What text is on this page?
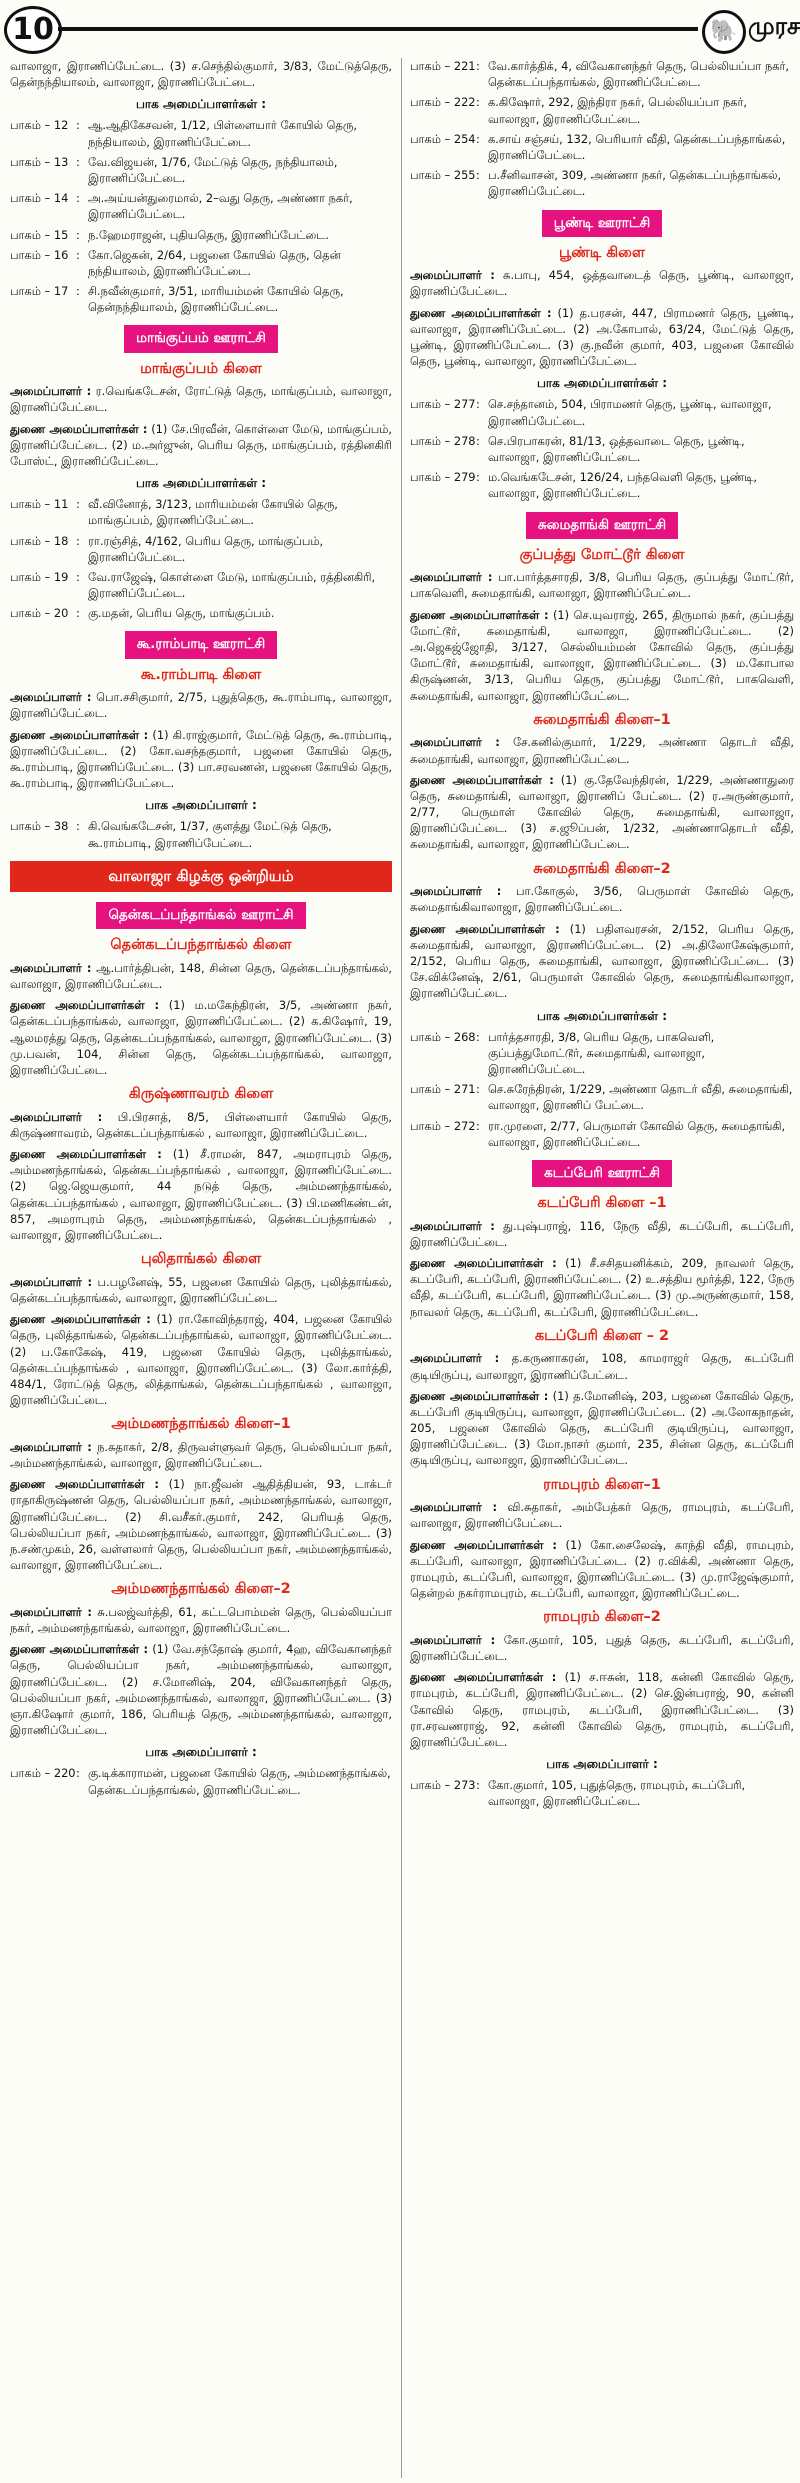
10	🐘 முரச

வாலாஜா, இராணிப்பேட்டை. (3) ச.செந்தில்குமார், 3/83, மேட்டுத்தெரு, தென்நந்தியாலம், வாலாஜா, இராணிப்பேட்டை.

பாக அமைப்பாளர்கள் :
பாகம் – 12 : ஆ.ஆதிகேசவன், 1/12, பிள்ளையார் கோயில் தெரு, நந்தியாலம், இராணிப்பேட்டை.
பாகம் – 13 : வே.விஜயன், 1/76, மேட்டுத் தெரு, நந்தியாலம், இராணிப்பேட்டை.
பாகம் – 14 : அ.அய்யன்துரைமால், 2–வது தெரு, அண்ணா நகர், இராணிப்பேட்டை.
பாகம் – 15 : ந.ஹேமராஜன், புதியதெரு, இராணிப்பேட்டை.
பாகம் – 16 : கோ.ஜெகன், 2/64, பஜனை கோயில் தெரு, தென் நந்தியாலம், இராணிப்பேட்டை.
பாகம் – 17 : சி.நவீன்குமார், 3/51, மாரியம்மன் கோயில் தெரு, தென்நந்தியாலம், இராணிப்பேட்டை.
மாங்குப்பம் ஊராட்சி
மாங்குப்பம் கிளை

அமைப்பாளர் : ர.வெங்கடேசன், ரோட்டுத் தெரு, மாங்குப்பம், வாலாஜா, இராணிப்பேட்டை.

துணை அமைப்பாளர்கள் : (1) சே.பிரவீன், கொள்ளை மேடு, மாங்குப்பம், இராணிப்பேட்டை. (2) ம.அர்ஜுன், பெரிய தெரு, மாங்குப்பம், ரத்தினகிரி போஸ்ட், இராணிப்பேட்டை.

பாக அமைப்பாளர்கள் :
பாகம் – 11 : வீ.வினோத், 3/123, மாரியம்மன் கோயில் தெரு, மாங்குப்பம், இராணிப்பேட்டை.
பாகம் – 18 : ரா.ரஞ்சித், 4/162, பெரிய தெரு, மாங்குப்பம், இராணிப்பேட்டை.
பாகம் – 19 : வே.ராஜேஷ், கொள்ளை மேடு, மாங்குப்பம், ரத்தினகிரி, இராணிப்பேட்டை.
பாகம் – 20 : கு.மதன், பெரிய தெரு, மாங்குப்பம்.
கூ.ராம்பாடி ஊராட்சி
கூ.ராம்பாடி கிளை

அமைப்பாளர் : பொ.சசிகுமார், 2/75, புதுத்தெரு, கூ.ராம்பாடி, வாலாஜா, இராணிப்பேட்டை.

துணை அமைப்பாளர்கள் : (1) கி.ராஜ்குமார், மேட்டுத் தெரு, கூ.ராம்பாடி, இராணிப்பேட்டை. (2) கோ.வசந்தகுமார், பஜனை கோயில் தெரு, கூ.ராம்பாடி, இராணிப்பேட்டை. (3) பா.சரவணன், பஜனை கோயில் தெரு, கூ.ராம்பாடி, இராணிப்பேட்டை.

பாக அமைப்பாளர் :
பாகம் – 38 : கி.வெங்கடேசன், 1/37, குளத்து மேட்டுத் தெரு, கூ.ராம்பாடி, இராணிப்பேட்டை.
வாலாஜா கிழக்கு ஒன்றியம்
தென்கடப்பந்தாங்கல் ஊராட்சி
தென்கடப்பந்தாங்கல் கிளை

அமைப்பாளர் : ஆ.பார்த்திபன், 148, சின்ன தெரு, தென்கடப்பந்தாங்கல், வாலாஜா, இராணிப்பேட்டை.

துணை அமைப்பாளர்கள் : (1) ம.மகேந்திரன், 3/5, அண்ணா நகர், தென்கடப்பந்தாங்கல், வாலாஜா, இராணிப்பேட்டை. (2) க.கிஷோர், 19, ஆலமரத்து தெரு, தென்கடப்பந்தாங்கல், வாலாஜா, இராணிப்பேட்டை. (3) மு.பவன், 104, சின்ன தெரு, தென்கடப்பந்தாங்கல், வாலாஜா, இராணிப்பேட்டை.

கிருஷ்ணாவரம் கிளை

அமைப்பாளர் : பி.பிரசாத், 8/5, பிள்ளையார் கோயில் தெரு, கிருஷ்ணாவரம், தென்கடப்பந்தாங்கல் , வாலாஜா, இராணிப்பேட்டை.

துணை அமைப்பாளர்கள் : (1) சீ.ராமன், 847, அமராபுரம் தெரு, அம்மணந்தாங்கல், தென்கடப்பந்தாங்கல் , வாலாஜா, இராணிப்பேட்டை. (2) ஜெ.ஜெயகுமார், 44 நடுத் தெரு, அம்மணந்தாங்கல், தென்கடப்பந்தாங்கல் , வாலாஜா, இராணிப்பேட்டை. (3) பி.மணிகண்டன், 857, அமராபுரம் தெரு, அம்மணந்தாங்கல், தென்கடப்பந்தாங்கல் , வாலாஜா, இராணிப்பேட்டை.

புலிதாங்கல் கிளை

அமைப்பாளர் : ப.பழனேஷ், 55, பஜனை கோயில் தெரு, புலித்தாங்கல், தென்கடப்பந்தாங்கல், வாலாஜா, இராணிப்பேட்டை.

துணை அமைப்பாளர்கள் : (1) ரா.கோவிந்தராஜ், 404, பஜனை கோயில் தெரு, புலித்தாங்கல், தென்கடப்பந்தாங்கல், வாலாஜா, இராணிப்பேட்டை. (2) ப.கோகேஷ், 419, பஜனை கோயில் தெரு, புலித்தாங்கல், தென்கடப்பந்தாங்கல் , வாலாஜா, இராணிப்பேட்டை. (3) லோ.கார்த்தி, 484/1, ரோட்டுத் தெரு, லித்தாங்கல், தென்கடப்பந்தாங்கல் , வாலாஜா, இராணிப்பேட்டை.

அம்மணந்தாங்கல் கிளை–1

அமைப்பாளர் : ந.சுதாகர், 2/8, திருவள்ளுவர் தெரு, பெல்லியப்பா நகர், அம்மணந்தாங்கல், வாலாஜா, இராணிப்பேட்டை.

துணை அமைப்பாளர்கள் : (1) நா.ஜீவன் ஆதித்தியன், 93, டாக்டர் ராதாகிருஷ்ணன் தெரு, பெல்லியப்பா நகர், அம்மணந்தாங்கல், வாலாஜா, இராணிப்பேட்டை. (2) சி.வசீகர்.குமார், 242, பெரியத் தெரு, பெல்லியப்பா நகர், அம்மணந்தாங்கல், வாலாஜா, இராணிப்பேட்டை. (3) ந.சண்முகம், 26, வள்ளலார் தெரு, பெல்லியப்பா நகர், அம்மணந்தாங்கல், வாலாஜா, இராணிப்பேட்டை.

அம்மணந்தாங்கல் கிளை–2

அமைப்பாளர் : சு.பலஜ்வர்த்தி, 61, கட்டபொம்மன் தெரு, பெல்லியப்பா நகர், அம்மணந்தாங்கல், வாலாஜா, இராணிப்பேட்டை.

துணை அமைப்பாளர்கள் : (1) வே.சந்தோஷ் குமார், 4ஹ, விவேகானந்தர் தெரு, பெல்லியப்பா நகர், அம்மணந்தாங்கல், வாலாஜா, இராணிப்பேட்டை. (2) ச.மோனிஷ், 204, விவேகானந்தர் தெரு, பெல்லியப்பா நகர், அம்மணந்தாங்கல், வாலாஜா, இராணிப்பேட்டை. (3) ஞா.கிஷோர் குமார், 186, பெரியத் தெரு, அம்மணந்தாங்கல், வாலாஜா, இராணிப்பேட்டை.

பாக அமைப்பாளர் :
பாகம் – 220 : கு.டிக்காராமன், பஜனை கோயில் தெரு, அம்மணந்தாங்கல், தென்கடப்பந்தாங்கல், இராணிப்பேட்டை.
பாகம் – 221 : வே.கார்த்திக், 4, விவேகானந்தர் தெரு, பெல்லியப்பா நகர், தென்கடப்பந்தாங்கல், இராணிப்பேட்டை.
பாகம் – 222 : க.கிஷோர், 292, இந்திரா நகர், பெல்லியப்பா நகர், வாலாஜா, இராணிப்பேட்டை.
பாகம் – 254 : க.சாய் சஞ்சய், 132, பெரியார் வீதி, தென்கடப்பந்தாங்கல், இராணிப்பேட்டை.
பாகம் – 255 : ப.சீனிவாசன், 309, அண்ணா நகர், தென்கடப்பந்தாங்கல், இராணிப்பேட்டை.
பூண்டி ஊராட்சி
பூண்டி கிளை

அமைப்பாளர் : சு.பாபு, 454, ஒத்தவாடைத் தெரு, பூண்டி, வாலாஜா, இராணிப்பேட்டை.

துணை அமைப்பாளர்கள் : (1) த.பரசன், 447, பிராமணர் தெரு, பூண்டி, வாலாஜா, இராணிப்பேட்டை. (2) அ.கோபால், 63/24, மேட்டுத் தெரு, பூண்டி, இராணிப்பேட்டை. (3) கு.நவீன் குமார், 403, பஜனை கோவில் தெரு, பூண்டி, வாலாஜா, இராணிப்பேட்டை.

பாக அமைப்பாளர்கள் :
பாகம் – 277 : செ.சந்தானம், 504, பிராமணர் தெரு, பூண்டி, வாலாஜா, இராணிப்பேட்டை.
பாகம் – 278 : செ.பிரபாகரன், 81/13, ஒத்தவாடை தெரு, பூண்டி, வாலாஜா, இராணிப்பேட்டை.
பாகம் – 279 : ம.வெங்கடேசன், 126/24, பந்தவெளி தெரு, பூண்டி, வாலாஜா, இராணிப்பேட்டை.
சுமைதாங்கி ஊராட்சி
குப்பத்து மோட்டூர் கிளை

அமைப்பாளர் : பா.பார்த்தசாரதி, 3/8, பெரிய தெரு, குப்பத்து மோட்டூர், பாகவெளி, சுமைதாங்கி, வாலாஜா, இராணிப்பேட்டை.

துணை அமைப்பாளர்கள் : (1) செ.யுவராஜ், 265, திருமால் நகர், குப்பத்து மோட்டூர், சுமைதாங்கி, வாலாஜா, இராணிப்பேட்டை. (2) அ.ஜெகஜ்ஜோதி, 3/127, செல்லியம்மன் கோவில் தெரு, குப்பத்து மோட்டூர், சுமைதாங்கி, வாலாஜா, இராணிப்பேட்டை. (3) ம.கோபால கிருஷ்ணன், 3/13, பெரிய தெரு, குப்பத்து மோட்டூர், பாகவெளி, சுமைதாங்கி, வாலாஜா, இராணிப்பேட்டை.

சுமைதாங்கி கிளை–1

அமைப்பாளர் : சே.கனில்குமார், 1/229, அண்ணா தொடர் வீதி, சுமைதாங்கி, வாலாஜா, இராணிப்பேட்டை.

துணை அமைப்பாளர்கள் : (1) கு.தேவேந்திரன், 1/229, அண்ணாதுரை தெரு, சுமைதாங்கி, வாலாஜா, இராணிப் பேட்டை. (2) ர.அருண்குமார், 2/77, பெருமாள் கோவில் தெரு, சுமைதாங்கி, வாலாஜா, இராணிப்பேட்டை. (3) ச.ஜூப்பன், 1/232, அண்ணாதொடர் வீதி, சுமைதாங்கி, வாலாஜா, இராணிப்பேட்டை.

சுமைதாங்கி கிளை–2

அமைப்பாளர் : பா.கோகுல், 3/56, பெருமாள் கோவில் தெரு, சுமைதாங்கிவாலாஜா, இராணிப்பேட்டை.

துணை அமைப்பாளர்கள் : (1) பதிளவரசன், 2/152, பெரிய தெரு, சுமைதாங்கி, வாலாஜா, இராணிப்பேட்டை. (2) அ.திலோகேஷ்குமார், 2/152, பெரிய தெரு, சுமைதாங்கி, வாலாஜா, இராணிப்பேட்டை. (3) சே.விக்னேஷ், 2/61, பெருமாள் கோவில் தெரு, சுமைதாங்கிவாலாஜா, இராணிப்பேட்டை.

பாக அமைப்பாளர்கள் :
பாகம் – 268 : பார்த்தசாரதி, 3/8, பெரிய தெரு, பாகவெளி, குப்பத்துமோட்டூர், சுமைதாங்கி, வாலாஜா, இராணிப்பேட்டை.
பாகம் – 271 : செ.சுரேந்திரன், 1/229, அண்ணா தொடர் வீதி, சுமைதாங்கி, வாலாஜா, இராணிப் பேட்டை.
பாகம் – 272 : ரா.முரளை, 2/77, பெருமாள் கோவில் தெரு, சுமைதாங்கி, வாலாஜா, இராணிப்பேட்டை.
கடப்பேரி ஊராட்சி
கடப்பேரி கிளை –1

அமைப்பாளர் : து.புஷ்பராஜ், 116, நேரு வீதி, கடப்பேரி, கடப்பேரி, இராணிப்பேட்டை.

துணை அமைப்பாளர்கள் : (1) சீ.சசிதயனிக்கம், 209, நாவலர் தெரு, கடப்பேரி, கடப்பேரி, இராணிப்பேட்டை. (2) உ.சத்திய மூர்த்தி, 122, நேரு வீதி, கடப்பேரி, கடப்பேரி, இராணிப்பேட்டை. (3) மு.அருண்குமார், 158, நாவலர் தெரு, கடப்பேரி, கடப்பேரி, இராணிப்பேட்டை.

கடப்பேரி கிளை – 2

அமைப்பாளர் : த.கருணாகரன், 108, காமராஜர் தெரு, கடப்பேரி குடியிருப்பு, வாலாஜா, இராணிப்பேட்டை.

துணை அமைப்பாளர்கள் : (1) த.மோனிஷ், 203, பஜனை கோவில் தெரு, கடப்பேரி குடியிருப்பு, வாலாஜா, இராணிப்பேட்டை. (2) அ.லோகநாதன், 205, பஜனை கோவில் தெரு, கடப்பேரி குடியிருப்பு, வாலாஜா, இராணிப்பேட்டை. (3) மோ.நாசர் குமார், 235, சின்ன தெரு, கடப்பேரி குடியிருப்பு, வாலாஜா, இராணிப்பேட்டை.

ராமபுரம் கிளை–1

அமைப்பாளர் : வி.சுதாகர், அம்பேத்கர் தெரு, ராமபுரம், கடப்பேரி, வாலாஜா, இராணிப்பேட்டை.

துணை அமைப்பாளர்கள் : (1) கோ.சைலேஷ், காந்தி வீதி, ராமபுரம், கடப்பேரி, வாலாஜா, இராணிப்பேட்டை. (2) ர.விக்கி, அண்ணா தெரு, ராமபுரம், கடப்பேரி, வாலாஜா, இராணிப்பேட்டை. (3) மு.ராஜேஷ்குமார், தென்றல் நகர்ராமபுரம், கடப்பேரி, வாலாஜா, இராணிப்பேட்டை.

ராமபுரம் கிளை–2

அமைப்பாளர் : கோ.குமார், 105, புதுத் தெரு, கடப்பேரி, கடப்பேரி, இராணிப்பேட்டை.

துணை அமைப்பாளர்கள் : (1) ச.ஈசுன், 118, கன்னி கோவில் தெரு, ராமபுரம், கடப்பேரி, இராணிப்பேட்டை. (2) செ.இன்பராஜ், 90, கன்னி கோவில் தெரு, ராமபுரம், கடப்பேரி, இராணிப்பேட்டை. (3) ரா.சரவணராஜ், 92, கன்னி கோவில் தெரு, ராமபுரம், கடப்பேரி, இராணிப்பேட்டை.

பாக அமைப்பாளர் :
பாகம் – 273 : கோ.குமார், 105, புதுத்தெரு, ராமபுரம், கடப்பேரி, வாலாஜா, இராணிப்பேட்டை.
